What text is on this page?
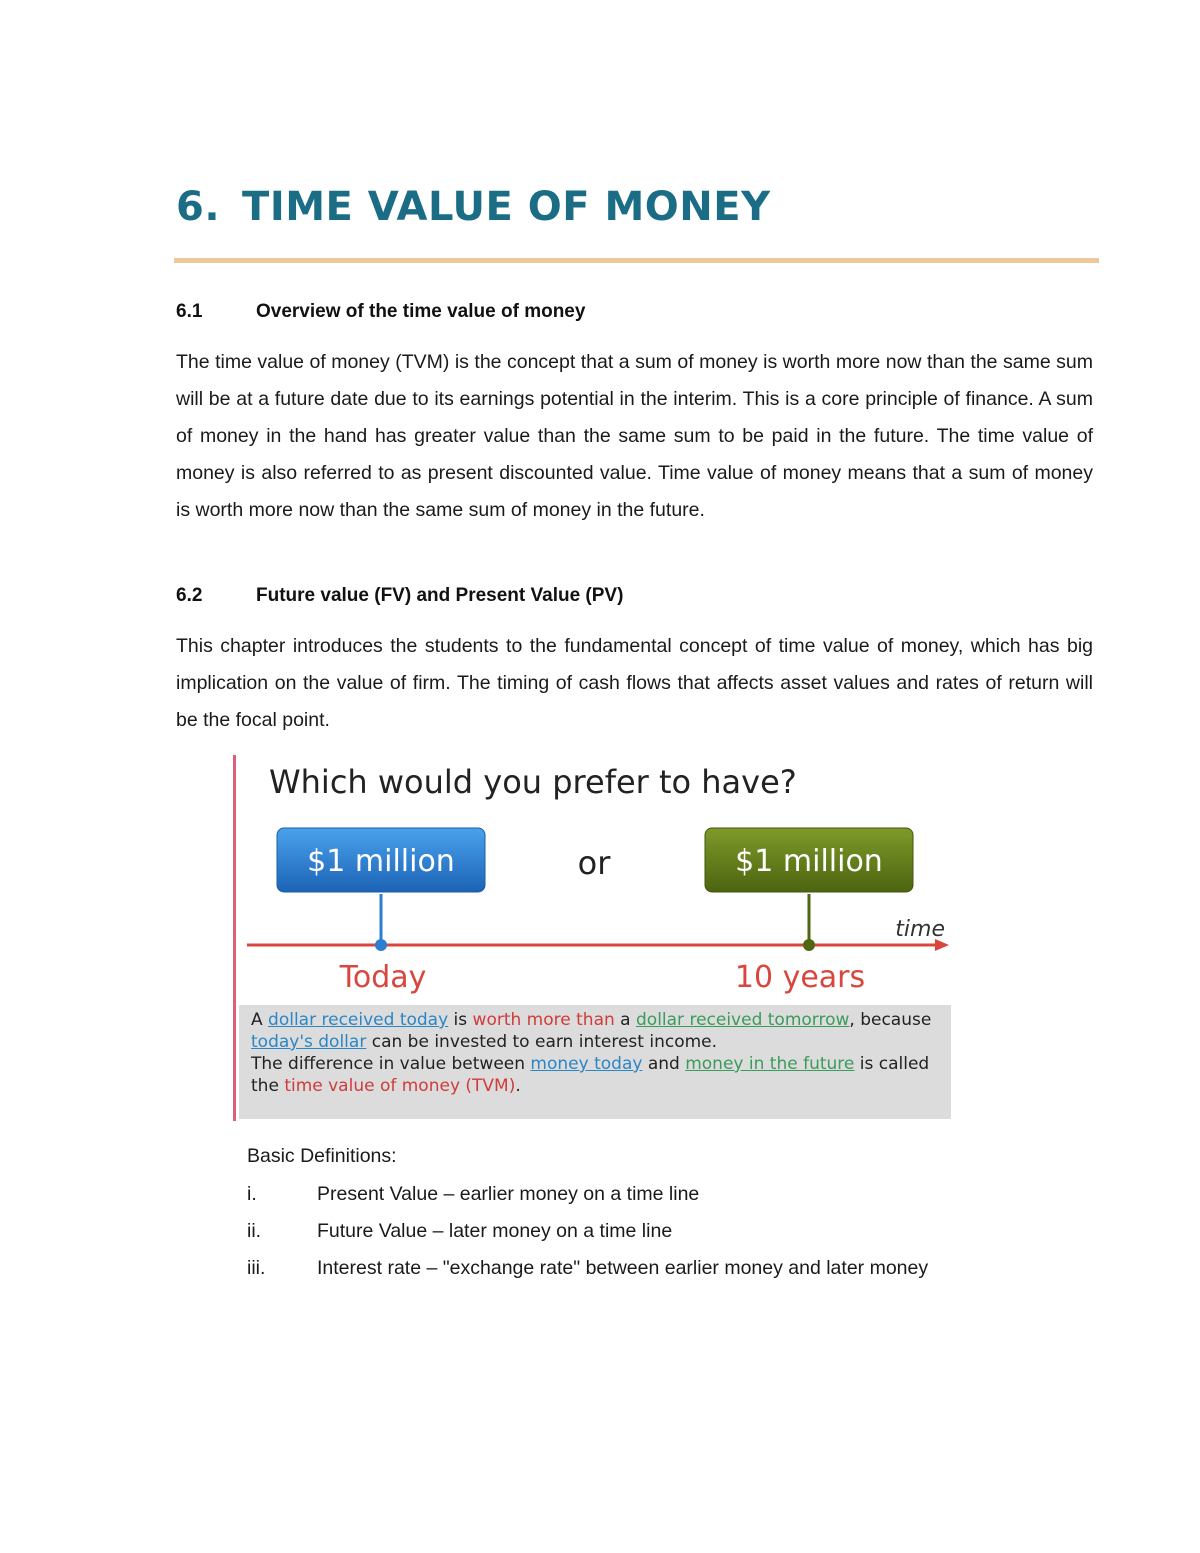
6. TIME VALUE OF MONEY
6.1	Overview of the time value of money

The time value of money (TVM) is the concept that a sum of money is worth more now than the same sum will be at a future date due to its earnings potential in the interim. This is a core principle of finance. A sum of money in the hand has greater value than the same sum to be paid in the future. The time value of money is also referred to as present discounted value. Time value of money means that a sum of money is worth more now than the same sum of money in the future.

6.2	Future value (FV) and Present Value (PV)

This chapter introduces the students to the fundamental concept of time value of money, which has big implication on the value of firm. The timing of cash flows that affects asset values and rates of return will be the focal point.

Which would you prefer to have?
$1 million	or	$1 million
time
Today	10 years

A dollar received today is worth more than a dollar received tomorrow, because today's dollar can be invested to earn interest income.
The difference in value between money today and money in the future is called the time value of money (TVM).

Basic Definitions:

i.	Present Value – earlier money on a time line
ii.	Future Value – later money on a time line
iii.	Interest rate – "exchange rate" between earlier money and later money
